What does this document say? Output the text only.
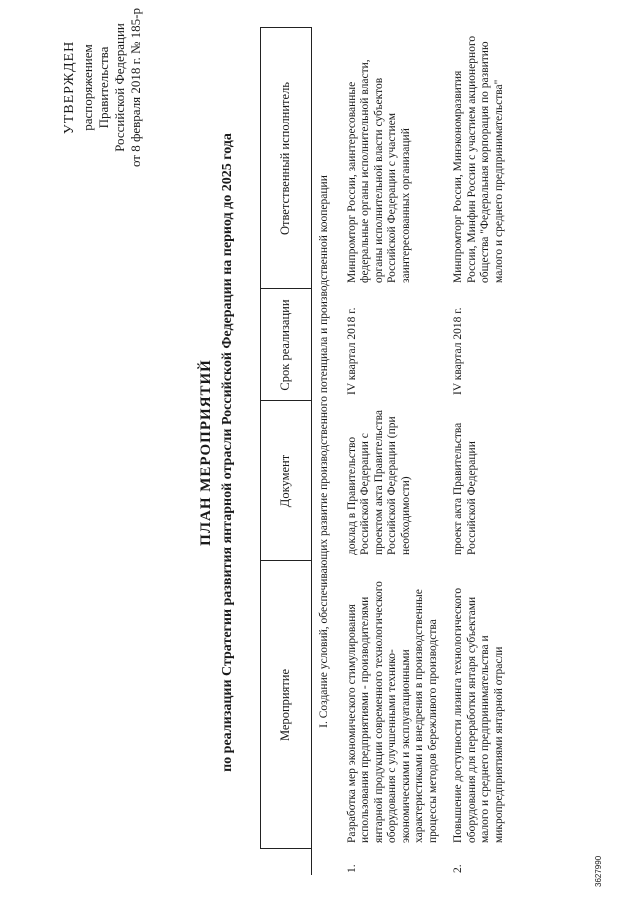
УТВЕРЖДЕН распоряжением Правительства Российской Федерации от 8 февраля 2018 г. № 185-р
ПЛАН МЕРОПРИЯТИЙ по реализации Стратегии развития янтарной отрасли Российской Федерации на период до 2025 года
		Мероприятие	Документ	Срок реализации	Ответственный исполнитель
I. Создание условий, обеспечивающих развитие производственного потенциала и производственной кооперации				
1.	Разработка мер экономического стимулирования использования предприятиями - производителями янтарной продукции современного технологического оборудования с улучшенными технико-экономическими и эксплуатационными характеристиками и внедрения в производственные процессы методов бережливого производства	доклад в Правительство Российской Федерации с проектом акта Правительства Российской Федерации (при необходимости)	IV квартал 2018 г.	Минпромторг России, заинтересованные федеральные органы исполнительной власти, органы исполнительной власти субъектов Российской Федерации с участием заинтересованных организаций
2.	Повышение доступности лизинга технологического оборудования для переработки янтаря субъектами малого и среднего предпринимательства и микропредприятиями янтарной отрасли	проект акта Правительства Российской Федерации	IV квартал 2018 г.	Минпромторг России, Минэкономразвития России, Минфин России с участием акционерного общества "Федеральная корпорация по развитию малого и среднего предпринимательства"
3627990
